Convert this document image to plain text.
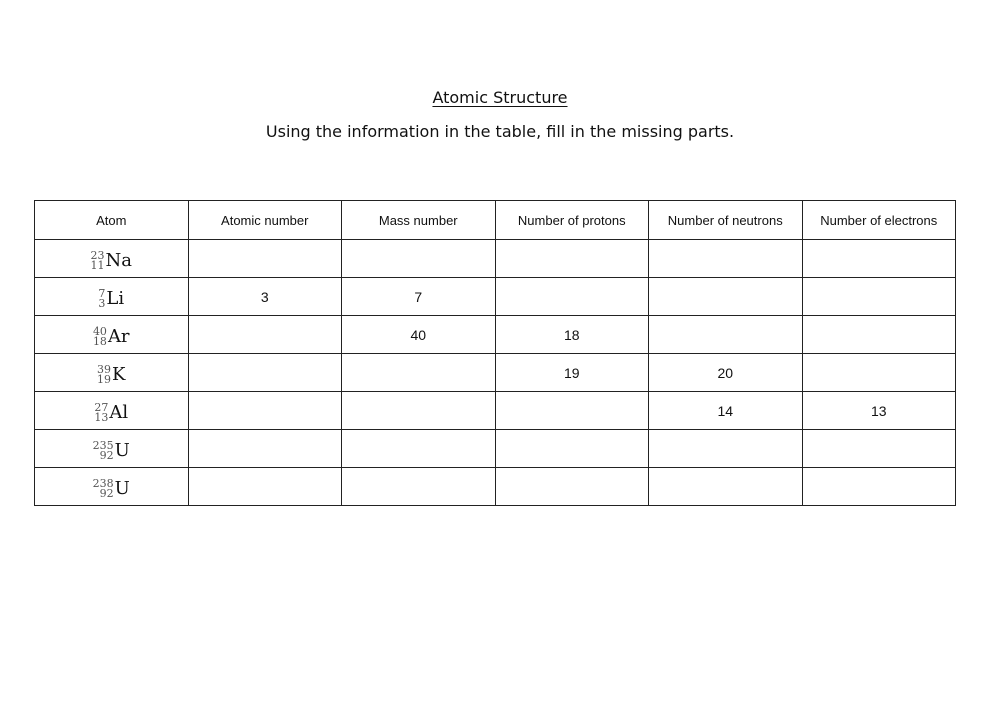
Atomic Structure
Using the information in the table, fill in the missing parts.
Atom	Atomic number	Mass number	Number of protons	Number of neutrons	Number of electrons

23
11 Na					

7
3 Li	3	7			

40
18 Ar		40	18		

39
19 K			19	20	

27
13 Al				14	13

235
92 U					

238
92 U					
